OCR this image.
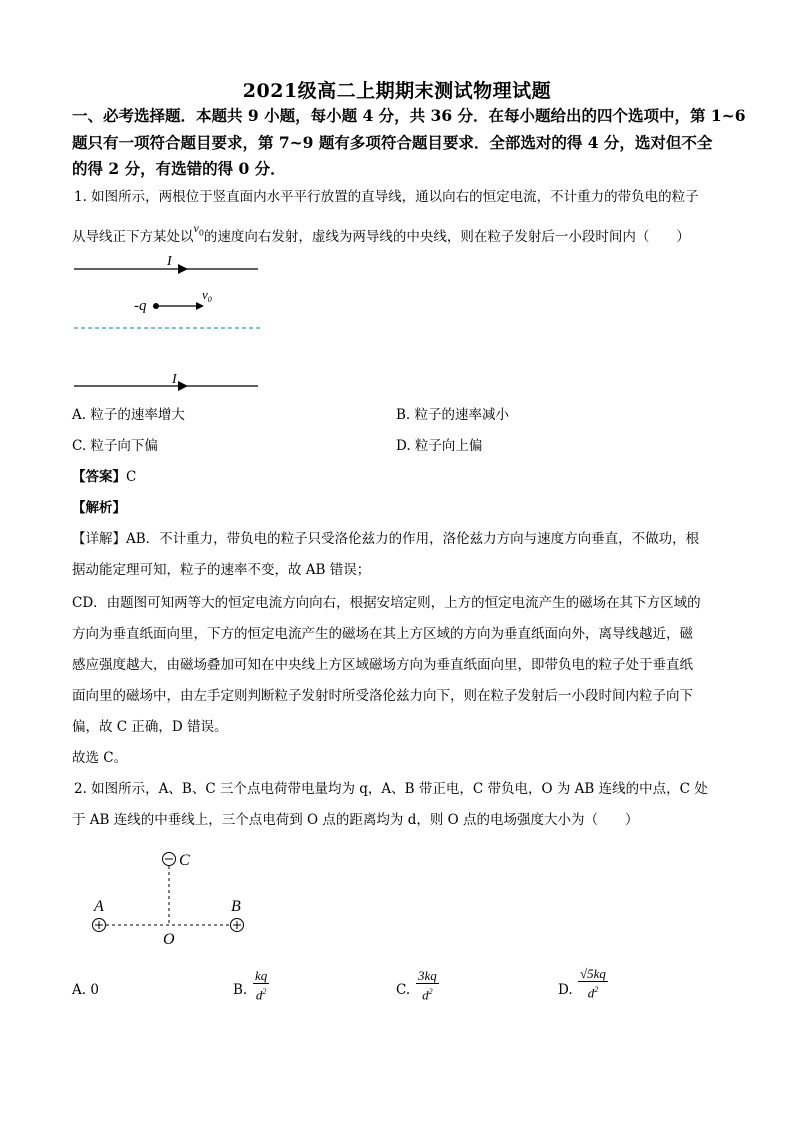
2021级高二上期期末测试物理试题
一、必考选择题．本题共 9 小题，每小题 4 分，共 36 分．在每小题给出的四个选项中，第 1~6
题只有一项符合题目要求，第 7~9 题有多项符合题目要求．全部选对的得 4 分，选对但不全
的得 2 分，有选错的得 0 分．
1. 如图所示，两根位于竖直面内水平平行放置的直导线，通以向右的恒定电流，不计重力的带负电的粒子
从导线正下方某处以$v_0$的速度向右发射，虚线为两导线的中央线，则在粒子发射后一小段时间内（　　）
I
-q
$v_0$
I
A. 粒子的速率增大	B. 粒子的速率减小
C. 粒子向下偏	D. 粒子向上偏
【答案】C
【解析】
【详解】AB．不计重力，带负电的粒子只受洛伦兹力的作用，洛伦兹力方向与速度方向垂直，不做功，根
据动能定理可知，粒子的速率不变，故 AB 错误；
CD．由题图可知两等大的恒定电流方向向右，根据安培定则，上方的恒定电流产生的磁场在其下方区域的
方向为垂直纸面向里，下方的恒定电流产生的磁场在其上方区域的方向为垂直纸面向外，离导线越近，磁
感应强度越大，由磁场叠加可知在中央线上方区域磁场方向为垂直纸面向里，即带负电的粒子处于垂直纸
面向里的磁场中，由左手定则判断粒子发射时所受洛伦兹力向下，则在粒子发射后一小段时间内粒子向下
偏，故 C 正确，D 错误。
故选 C。
2. 如图所示，A、B、C 三个点电荷带电量均为 q，A、B 带正电，C 带负电，O 为 AB 连线的中点，C 处
于 AB 连线的中垂线上，三个点电荷到 O 点的距离均为 d，则 O 点的电场强度大小为（　　）
C
A	B
O
A. 0	B. $\frac{kq}{d^2}$	C. $\frac{3kq}{d^2}$	D. $\frac{√5kq}{d^2}$
